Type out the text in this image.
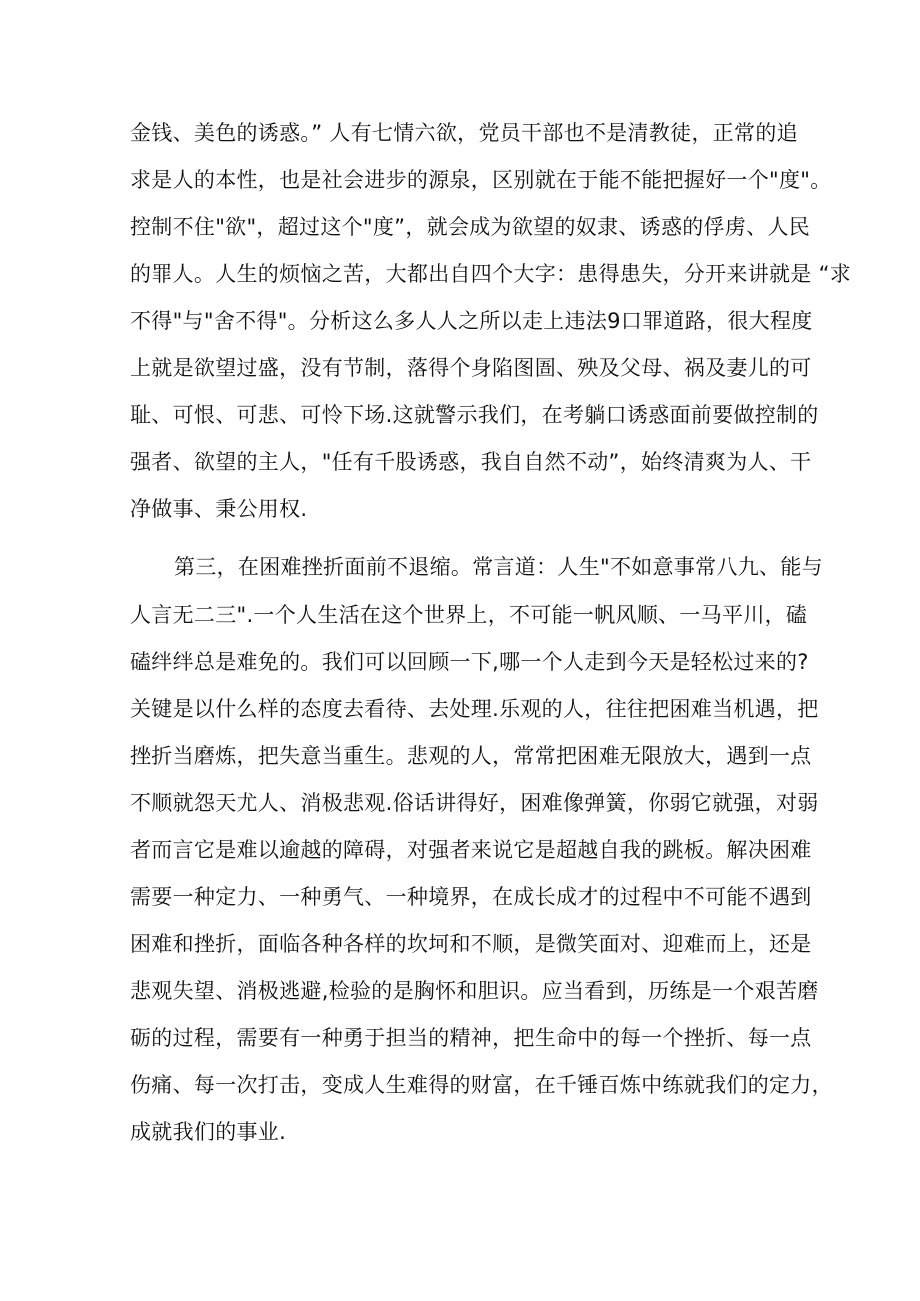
金钱、美色的诱惑。” 人有七情六欲，党员干部也不是清教徒，正常的追
求是人的本性，也是社会进步的源泉，区别就在于能不能把握好一个"度"。
控制不住"欲"，超过这个"度”，就会成为欲望的奴隶、诱惑的俘虏、人民
的罪人。人生的烦恼之苦，大都出自四个大字：患得患失，分开来讲就是 “求
不得"与"舍不得"。分析这么多人人之所以走上违法9口罪道路，很大程度
上就是欲望过盛，没有节制，落得个身陷图圄、殃及父母、祸及妻儿的可
耻、可恨、可悲、可怜下场.这就警示我们，在考躺口诱惑面前要做控制的
强者、欲望的主人，"任有千股诱惑，我自自然不动”，始终清爽为人、干
净做事、秉公用权.
第三，在困难挫折面前不退缩。常言道：人生"不如意事常八九、能与
人言无二三".一个人生活在这个世界上，不可能一帆风顺、一马平川，磕
磕绊绊总是难免的。我们可以回顾一下,哪一个人走到今天是轻松过来的?
关键是以什么样的态度去看待、去处理.乐观的人，往往把困难当机遇，把
挫折当磨炼，把失意当重生。悲观的人，常常把困难无限放大，遇到一点
不顺就怨天尤人、消极悲观.俗话讲得好，困难像弹簧，你弱它就强，对弱
者而言它是难以逾越的障碍，对强者来说它是超越自我的跳板。解决困难
需要一种定力、一种勇气、一种境界，在成长成才的过程中不可能不遇到
困难和挫折，面临各种各样的坎坷和不顺，是微笑面对、迎难而上，还是
悲观失望、消极逃避,检验的是胸怀和胆识。应当看到，历练是一个艰苦磨
砺的过程，需要有一种勇于担当的精神，把生命中的每一个挫折、每一点
伤痛、每一次打击，变成人生难得的财富，在千锤百炼中练就我们的定力，
成就我们的事业.
